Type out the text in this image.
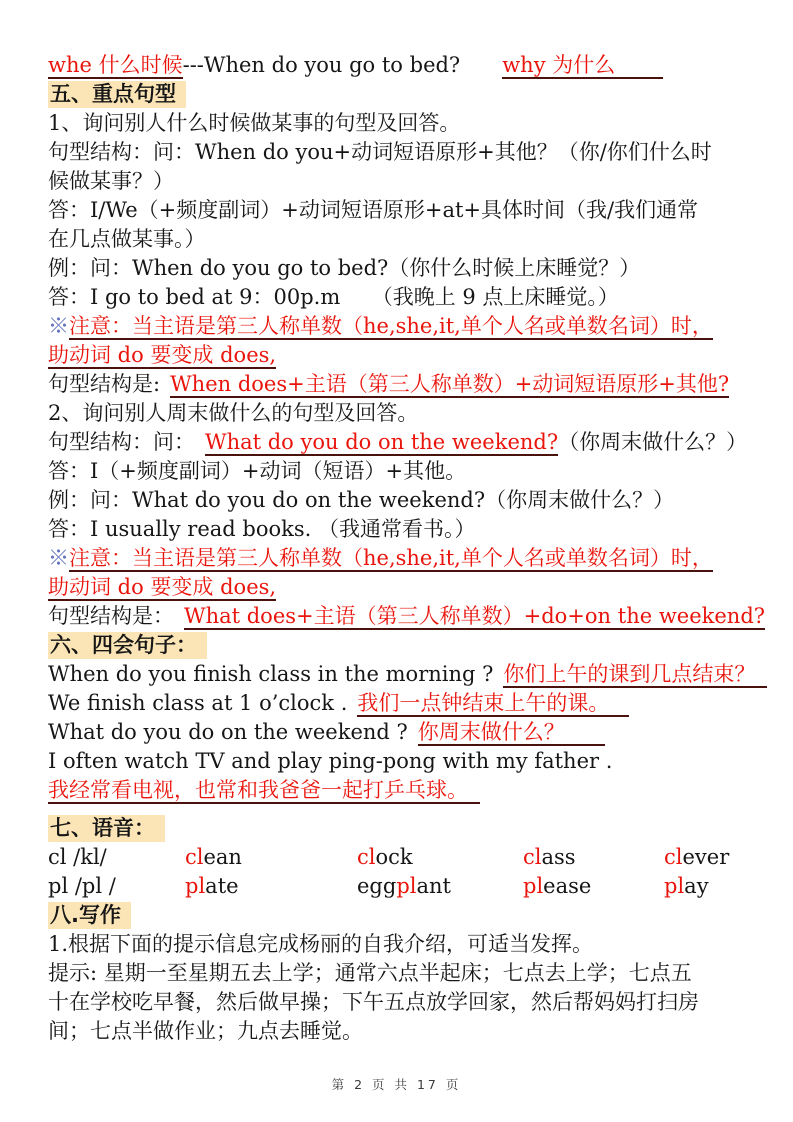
whe 什么时候---When do you go to bed? why 为什么

五、重点句型

1、询问别人什么时候做某事的句型及回答。

句型结构：问：When do you+动词短语原形+其他？（你/你们什么时

候做某事？）

答：I/We（+频度副词）+动词短语原形+at+具体时间（我/我们通常

在几点做某事。）

例：问：When do you go to bed?（你什么时候上床睡觉？）

答：I go to bed at 9：00p.m　　（我晚上 9 点上床睡觉。）

※注意：当主语是第三人称单数（he,she,it,单个人名或单数名词）时，

助动词 do 要变成 does,

句型结构是: When does+主语（第三人称单数）+动词短语原形+其他?

2、询问别人周末做什么的句型及回答。

句型结构：问： What do you do on the weekend?（你周末做什么？）

答：I（+频度副词）+动词（短语）+其他。

例：问：What do you do on the weekend?（你周末做什么？）

答：I usually read books. （我通常看书。）

※注意：当主语是第三人称单数（he,she,it,单个人名或单数名词）时，

助动词 do 要变成 does,

句型结构是： What does+主语（第三人称单数）+do+on the weekend?

六、四会句子：

When do you finish class in the morning ? 你们上午的课到几点结束？

We finish class at 1 o’clock . 我们一点钟结束上午的课。

What do you do on the weekend ? 你周末做什么？

I often watch TV and play ping-pong with my father .

我经常看电视，也常和我爸爸一起打乒乓球。

七、语音：

cl /kl/	clean	clock	class	clever

pl /pl /	plate	eggplant	please	play

八.写作

1.根据下面的提示信息完成杨丽的自我介绍，可适当发挥。

提示: 星期一至星期五去上学；通常六点半起床；七点去上学；七点五

十在学校吃早餐，然后做早操；下午五点放学回家，然后帮妈妈打扫房

间；七点半做作业；九点去睡觉。

第 2 页 共 17 页
